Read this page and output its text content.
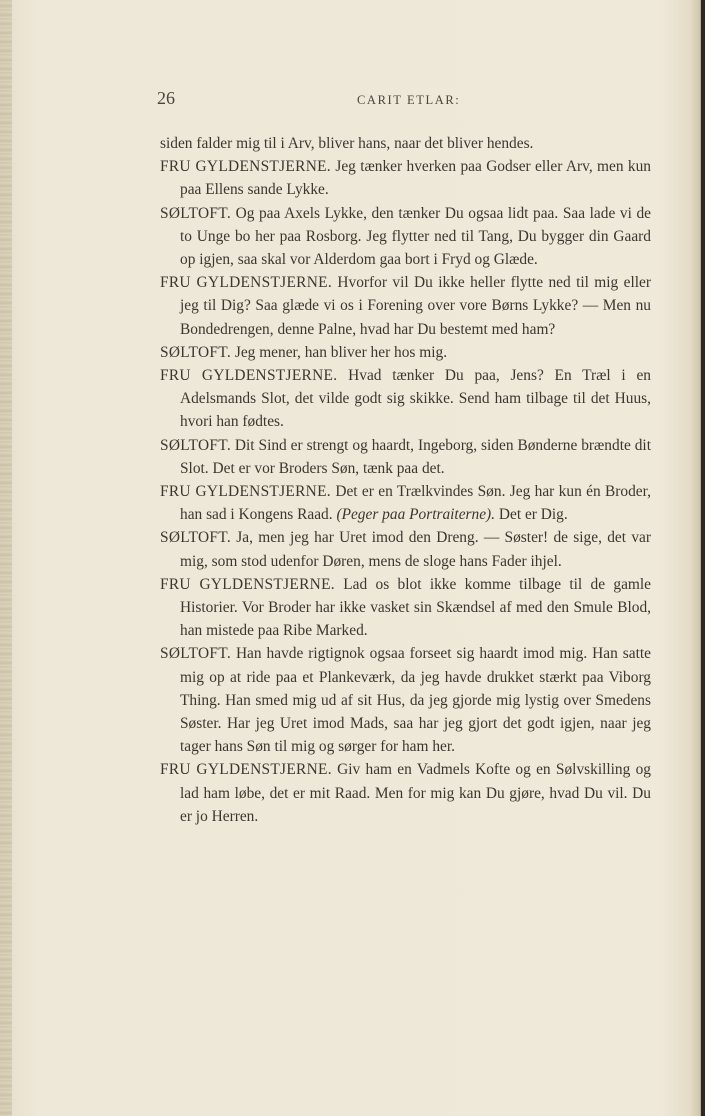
26	CARIT ETLAR:

siden falder mig til i Arv, bliver hans, naar det bliver hendes.

FRU GYLDENSTJERNE. Jeg tænker hverken paa Godser eller Arv, men kun paa Ellens sande Lykke.

SØLTOFT. Og paa Axels Lykke, den tænker Du ogsaa lidt paa. Saa lade vi de to Unge bo her paa Rosborg. Jeg flytter ned til Tang, Du bygger din Gaard op igjen, saa skal vor Alderdom gaa bort i Fryd og Glæde.

FRU GYLDENSTJERNE. Hvorfor vil Du ikke heller flytte ned til mig eller jeg til Dig? Saa glæde vi os i Forening over vore Børns Lykke? — Men nu Bondedrengen, denne Palne, hvad har Du bestemt med ham?

SØLTOFT. Jeg mener, han bliver her hos mig.

FRU GYLDENSTJERNE. Hvad tænker Du paa, Jens? En Træl i en Adelsmands Slot, det vilde godt sig skikke. Send ham tilbage til det Huus, hvori han fødtes.

SØLTOFT. Dit Sind er strengt og haardt, Ingeborg, siden Bønderne brændte dit Slot. Det er vor Broders Søn, tænk paa det.

FRU GYLDENSTJERNE. Det er en Trælkvindes Søn. Jeg har kun én Broder, han sad i Kongens Raad. (Peger paa Portraiterne). Det er Dig.

SØLTOFT. Ja, men jeg har Uret imod den Dreng. — Søster! de sige, det var mig, som stod udenfor Døren, mens de sloge hans Fader ihjel.

FRU GYLDENSTJERNE. Lad os blot ikke komme tilbage til de gamle Historier. Vor Broder har ikke vasket sin Skændsel af med den Smule Blod, han mistede paa Ribe Marked.

SØLTOFT. Han havde rigtignok ogsaa forseet sig haardt imod mig. Han satte mig op at ride paa et Plankeværk, da jeg havde drukket stærkt paa Viborg Thing. Han smed mig ud af sit Hus, da jeg gjorde mig lystig over Smedens Søster. Har jeg Uret imod Mads, saa har jeg gjort det godt igjen, naar jeg tager hans Søn til mig og sørger for ham her.

FRU GYLDENSTJERNE. Giv ham en Vadmels Kofte og en Sølvskilling og lad ham løbe, det er mit Raad. Men for mig kan Du gjøre, hvad Du vil. Du er jo Herren.
